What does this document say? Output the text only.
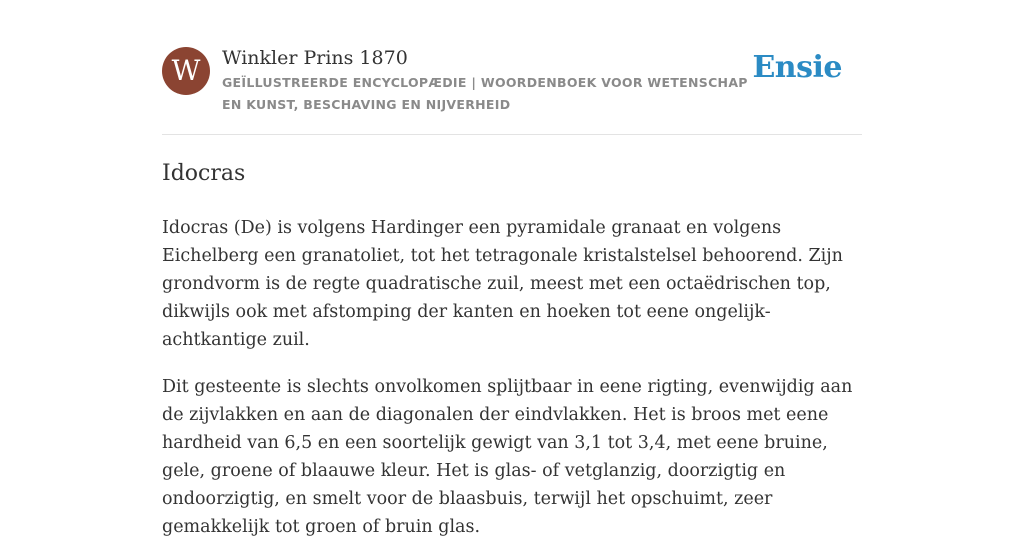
W	Winkler Prins 1870

GEÏLLUSTREERDE ENCYCLOPÆDIE | WOORDENBOEK VOOR WETENSCHAP EN KUNST, BESCHAVING EN NIJVERHEID

Ensie
Idocras

Idocras (De) is volgens Hardinger een pyramidale granaat en volgens Eichelberg een granatoliet, tot het tetragonale kristalstelsel behoorend. Zijn grondvorm is de regte quadratische zuil, meest met een octaëdrischen top, dikwijls ook met afstomping der kanten en hoeken tot eene ongelijk-achtkantige zuil.

Dit gesteente is slechts onvolkomen splijtbaar in eene rigting, evenwijdig aan de zijvlakken en aan de diagonalen der eindvlakken. Het is broos met eene hardheid van 6,5 en een soortelijk gewigt van 3,1 tot 3,4, met eene bruine, gele, groene of blaauwe kleur. Het is glas- of vetglanzig, doorzigtig en ondoorzigtig, en smelt voor de blaasbuis, terwijl het opschuimt, zeer gemakkelijk tot groen of bruin glas.
